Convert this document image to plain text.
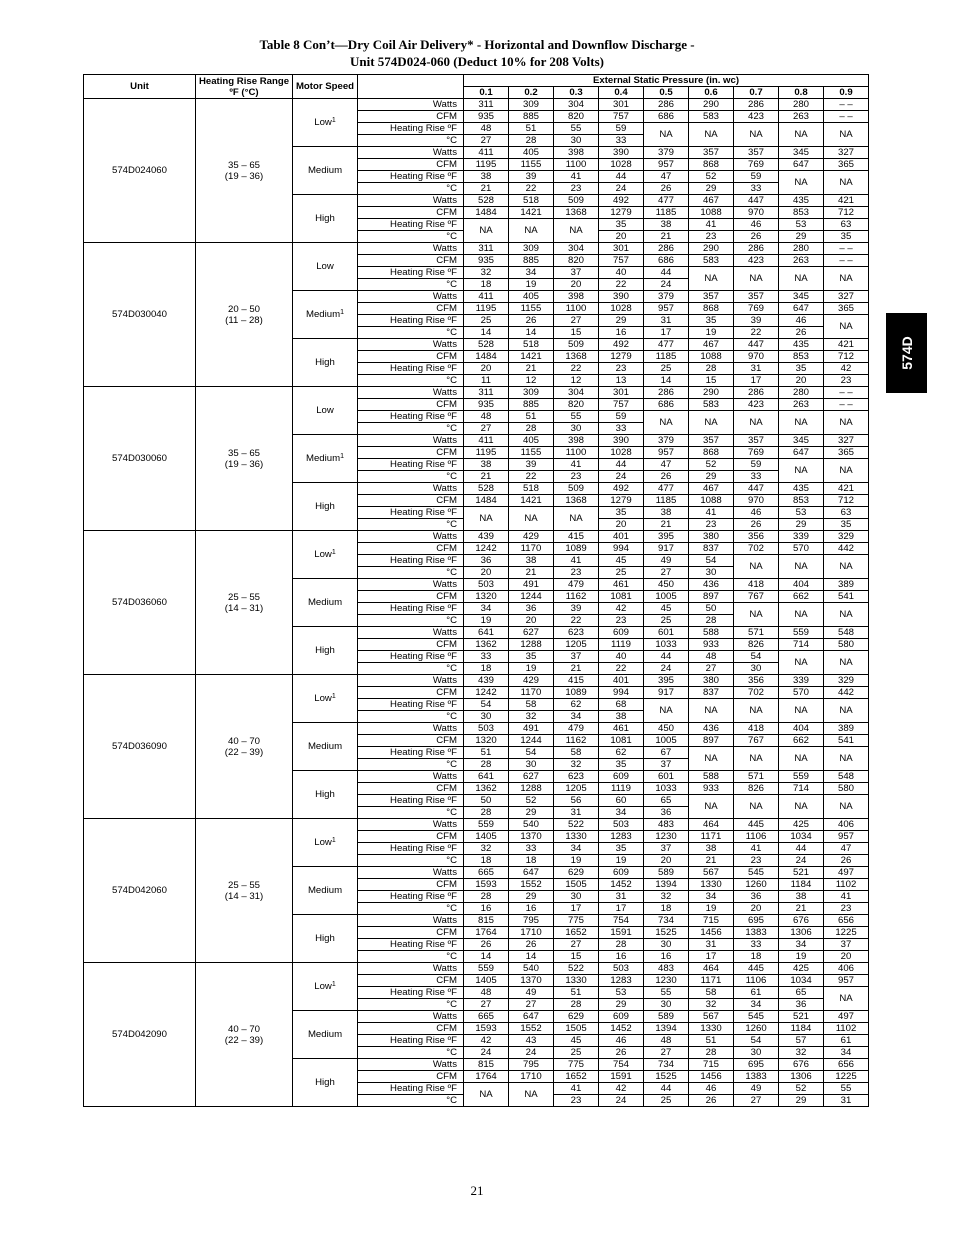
Table 8 Con’t—Dry Coil Air Delivery* - Horizontal and Downflow Discharge -
Unit 574D024-060 (Deduct 10% for 208 Volts)
Unit	Heating Rise Range ºF (°C)	Motor Speed		External Static Pressure (in. wc)								
				0.1	0.2	0.3	0.4	0.5	0.6	0.7	0.8	0.9
574D024060	35 – 65
(19 – 36)	Low$^1$	Watts	311	309	304	301	286	290	286	280	– –
			CFM	935	885	820	757	686	583	423	263	– –
			Heating Rise ºF	48	51	55	59	NA	NA	NA	NA	NA
			°C	27	28	30	33					
		Medium	Watts	411	405	398	390	379	357	357	345	327
			CFM	1195	1155	1100	1028	957	868	769	647	365
			Heating Rise ºF	38	39	41	44	47	52	59	NA	NA
			°C	21	22	23	24	26	29	33		
		High	Watts	528	518	509	492	477	467	447	435	421
			CFM	1484	1421	1368	1279	1185	1088	970	853	712
			Heating Rise ºF	NA	NA	NA	35	38	41	46	53	63
			°C				20	21	23	26	29	35
574D030040	20 – 50
(11 – 28)	Low	Watts	311	309	304	301	286	290	286	280	– –
			CFM	935	885	820	757	686	583	423	263	– –
			Heating Rise ºF	32	34	37	40	44	NA	NA	NA	NA
			°C	18	19	20	22	24				
		Medium$^1$	Watts	411	405	398	390	379	357	357	345	327
			CFM	1195	1155	1100	1028	957	868	769	647	365
			Heating Rise ºF	25	26	27	29	31	35	39	46	NA
			°C	14	14	15	16	17	19	22	26	
		High	Watts	528	518	509	492	477	467	447	435	421
			CFM	1484	1421	1368	1279	1185	1088	970	853	712
			Heating Rise ºF	20	21	22	23	25	28	31	35	42
			°C	11	12	12	13	14	15	17	20	23
574D030060	35 – 65
(19 – 36)	Low	Watts	311	309	304	301	286	290	286	280	– –
			CFM	935	885	820	757	686	583	423	263	– –
			Heating Rise ºF	48	51	55	59	NA	NA	NA	NA	NA
			°C	27	28	30	33					
		Medium$^1$	Watts	411	405	398	390	379	357	357	345	327
			CFM	1195	1155	1100	1028	957	868	769	647	365
			Heating Rise ºF	38	39	41	44	47	52	59	NA	NA
			°C	21	22	23	24	26	29	33		
		High	Watts	528	518	509	492	477	467	447	435	421
			CFM	1484	1421	1368	1279	1185	1088	970	853	712
			Heating Rise ºF	NA	NA	NA	35	38	41	46	53	63
			°C				20	21	23	26	29	35
574D036060	25 – 55
(14 – 31)	Low$^1$	Watts	439	429	415	401	395	380	356	339	329
			CFM	1242	1170	1089	994	917	837	702	570	442
			Heating Rise ºF	36	38	41	45	49	54	NA	NA	NA
			°C	20	21	23	25	27	30			
		Medium	Watts	503	491	479	461	450	436	418	404	389
			CFM	1320	1244	1162	1081	1005	897	767	662	541
			Heating Rise ºF	34	36	39	42	45	50	NA	NA	NA
			°C	19	20	22	23	25	28			
		High	Watts	641	627	623	609	601	588	571	559	548
			CFM	1362	1288	1205	1119	1033	933	826	714	580
			Heating Rise ºF	33	35	37	40	44	48	54	NA	NA
			°C	18	19	21	22	24	27	30		
574D036090	40 – 70
(22 – 39)	Low$^1$	Watts	439	429	415	401	395	380	356	339	329
			CFM	1242	1170	1089	994	917	837	702	570	442
			Heating Rise ºF	54	58	62	68	NA	NA	NA	NA	NA
			°C	30	32	34	38					
		Medium	Watts	503	491	479	461	450	436	418	404	389
			CFM	1320	1244	1162	1081	1005	897	767	662	541
			Heating Rise ºF	51	54	58	62	67	NA	NA	NA	NA
			°C	28	30	32	35	37				
		High	Watts	641	627	623	609	601	588	571	559	548
			CFM	1362	1288	1205	1119	1033	933	826	714	580
			Heating Rise ºF	50	52	56	60	65	NA	NA	NA	NA
			°C	28	29	31	34	36				
574D042060	25 – 55
(14 – 31)	Low$^1$	Watts	559	540	522	503	483	464	445	425	406
			CFM	1405	1370	1330	1283	1230	1171	1106	1034	957
			Heating Rise ºF	32	33	34	35	37	38	41	44	47
			°C	18	18	19	19	20	21	23	24	26
		Medium	Watts	665	647	629	609	589	567	545	521	497
			CFM	1593	1552	1505	1452	1394	1330	1260	1184	1102
			Heating Rise ºF	28	29	30	31	32	34	36	38	41
			°C	16	16	17	17	18	19	20	21	23
		High	Watts	815	795	775	754	734	715	695	676	656
			CFM	1764	1710	1652	1591	1525	1456	1383	1306	1225
			Heating Rise ºF	26	26	27	28	30	31	33	34	37
			°C	14	14	15	16	16	17	18	19	20
574D042090	40 – 70
(22 – 39)	Low$^1$	Watts	559	540	522	503	483	464	445	425	406
			CFM	1405	1370	1330	1283	1230	1171	1106	1034	957
			Heating Rise ºF	48	49	51	53	55	58	61	65	NA
			°C	27	27	28	29	30	32	34	36	
		Medium	Watts	665	647	629	609	589	567	545	521	497
			CFM	1593	1552	1505	1452	1394	1330	1260	1184	1102
			Heating Rise ºF	42	43	45	46	48	51	54	57	61
			°C	24	24	25	26	27	28	30	32	34
		High	Watts	815	795	775	754	734	715	695	676	656
			CFM	1764	1710	1652	1591	1525	1456	1383	1306	1225
			Heating Rise ºF	NA	NA	41	42	44	46	49	52	55
			°C			23	24	25	26	27	29	31
574D
21
